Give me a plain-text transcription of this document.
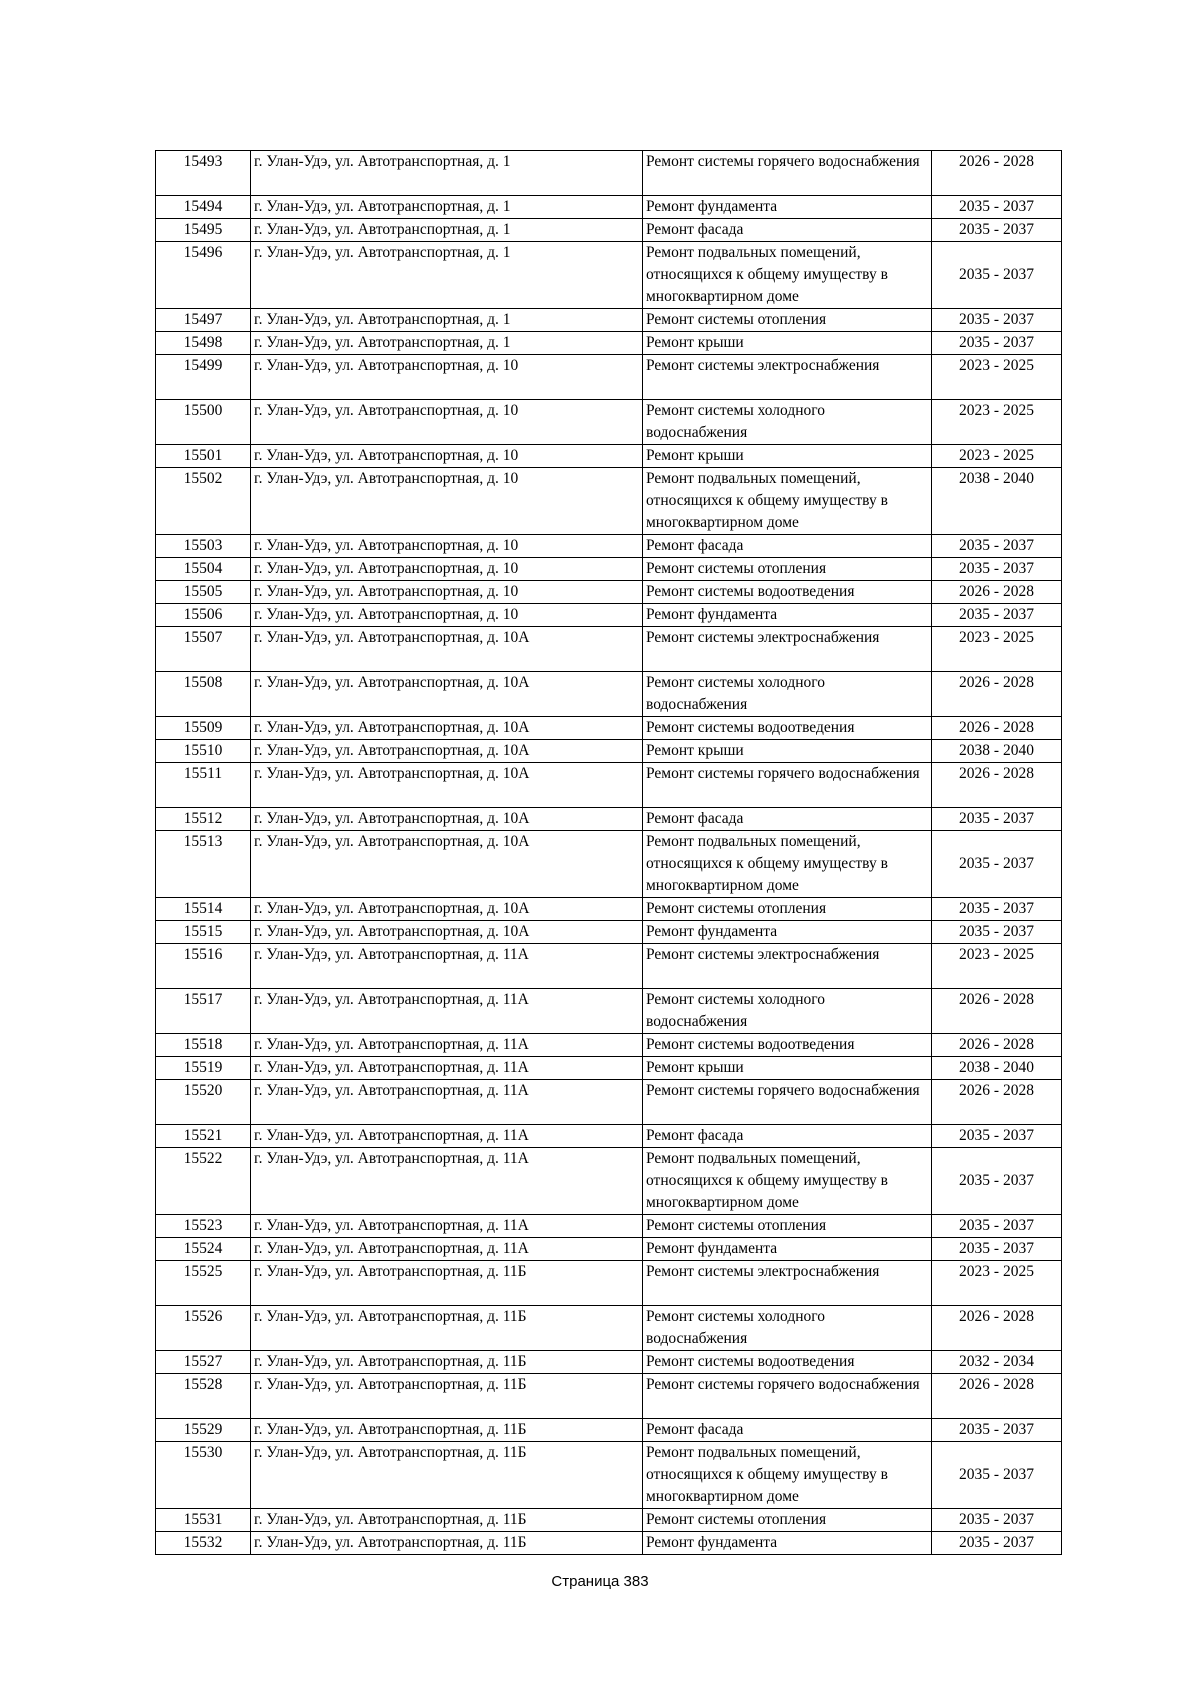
15493	г. Улан-Удэ, ул. Автотранспортная, д. 1	Ремонт системы горячего водоснабжения	2026 - 2028
15494	г. Улан-Удэ, ул. Автотранспортная, д. 1	Ремонт фундамента	2035 - 2037
15495	г. Улан-Удэ, ул. Автотранспортная, д. 1	Ремонт фасада	2035 - 2037
15496	г. Улан-Удэ, ул. Автотранспортная, д. 1	Ремонт подвальных помещений, относящихся к общему имуществу в многоквартирном доме	2035 - 2037
15497	г. Улан-Удэ, ул. Автотранспортная, д. 1	Ремонт системы отопления	2035 - 2037
15498	г. Улан-Удэ, ул. Автотранспортная, д. 1	Ремонт крыши	2035 - 2037
15499	г. Улан-Удэ, ул. Автотранспортная, д. 10	Ремонт системы электроснабжения	2023 - 2025
15500	г. Улан-Удэ, ул. Автотранспортная, д. 10	Ремонт системы холодного водоснабжения	2023 - 2025
15501	г. Улан-Удэ, ул. Автотранспортная, д. 10	Ремонт крыши	2023 - 2025
15502	г. Улан-Удэ, ул. Автотранспортная, д. 10	Ремонт подвальных помещений, относящихся к общему имуществу в многоквартирном доме	2038 - 2040
15503	г. Улан-Удэ, ул. Автотранспортная, д. 10	Ремонт фасада	2035 - 2037
15504	г. Улан-Удэ, ул. Автотранспортная, д. 10	Ремонт системы отопления	2035 - 2037
15505	г. Улан-Удэ, ул. Автотранспортная, д. 10	Ремонт системы водоотведения	2026 - 2028
15506	г. Улан-Удэ, ул. Автотранспортная, д. 10	Ремонт фундамента	2035 - 2037
15507	г. Улан-Удэ, ул. Автотранспортная, д. 10А	Ремонт системы электроснабжения	2023 - 2025
15508	г. Улан-Удэ, ул. Автотранспортная, д. 10А	Ремонт системы холодного водоснабжения	2026 - 2028
15509	г. Улан-Удэ, ул. Автотранспортная, д. 10А	Ремонт системы водоотведения	2026 - 2028
15510	г. Улан-Удэ, ул. Автотранспортная, д. 10А	Ремонт крыши	2038 - 2040
15511	г. Улан-Удэ, ул. Автотранспортная, д. 10А	Ремонт системы горячего водоснабжения	2026 - 2028
15512	г. Улан-Удэ, ул. Автотранспортная, д. 10А	Ремонт фасада	2035 - 2037
15513	г. Улан-Удэ, ул. Автотранспортная, д. 10А	Ремонт подвальных помещений, относящихся к общему имуществу в многоквартирном доме	2035 - 2037
15514	г. Улан-Удэ, ул. Автотранспортная, д. 10А	Ремонт системы отопления	2035 - 2037
15515	г. Улан-Удэ, ул. Автотранспортная, д. 10А	Ремонт фундамента	2035 - 2037
15516	г. Улан-Удэ, ул. Автотранспортная, д. 11А	Ремонт системы электроснабжения	2023 - 2025
15517	г. Улан-Удэ, ул. Автотранспортная, д. 11А	Ремонт системы холодного водоснабжения	2026 - 2028
15518	г. Улан-Удэ, ул. Автотранспортная, д. 11А	Ремонт системы водоотведения	2026 - 2028
15519	г. Улан-Удэ, ул. Автотранспортная, д. 11А	Ремонт крыши	2038 - 2040
15520	г. Улан-Удэ, ул. Автотранспортная, д. 11А	Ремонт системы горячего водоснабжения	2026 - 2028
15521	г. Улан-Удэ, ул. Автотранспортная, д. 11А	Ремонт фасада	2035 - 2037
15522	г. Улан-Удэ, ул. Автотранспортная, д. 11А	Ремонт подвальных помещений, относящихся к общему имуществу в многоквартирном доме	2035 - 2037
15523	г. Улан-Удэ, ул. Автотранспортная, д. 11А	Ремонт системы отопления	2035 - 2037
15524	г. Улан-Удэ, ул. Автотранспортная, д. 11А	Ремонт фундамента	2035 - 2037
15525	г. Улан-Удэ, ул. Автотранспортная, д. 11Б	Ремонт системы электроснабжения	2023 - 2025
15526	г. Улан-Удэ, ул. Автотранспортная, д. 11Б	Ремонт системы холодного водоснабжения	2026 - 2028
15527	г. Улан-Удэ, ул. Автотранспортная, д. 11Б	Ремонт системы водоотведения	2032 - 2034
15528	г. Улан-Удэ, ул. Автотранспортная, д. 11Б	Ремонт системы горячего водоснабжения	2026 - 2028
15529	г. Улан-Удэ, ул. Автотранспортная, д. 11Б	Ремонт фасада	2035 - 2037
15530	г. Улан-Удэ, ул. Автотранспортная, д. 11Б	Ремонт подвальных помещений, относящихся к общему имуществу в многоквартирном доме	2035 - 2037
15531	г. Улан-Удэ, ул. Автотранспортная, д. 11Б	Ремонт системы отопления	2035 - 2037
15532	г. Улан-Удэ, ул. Автотранспортная, д. 11Б	Ремонт фундамента	2035 - 2037
Страница 383
